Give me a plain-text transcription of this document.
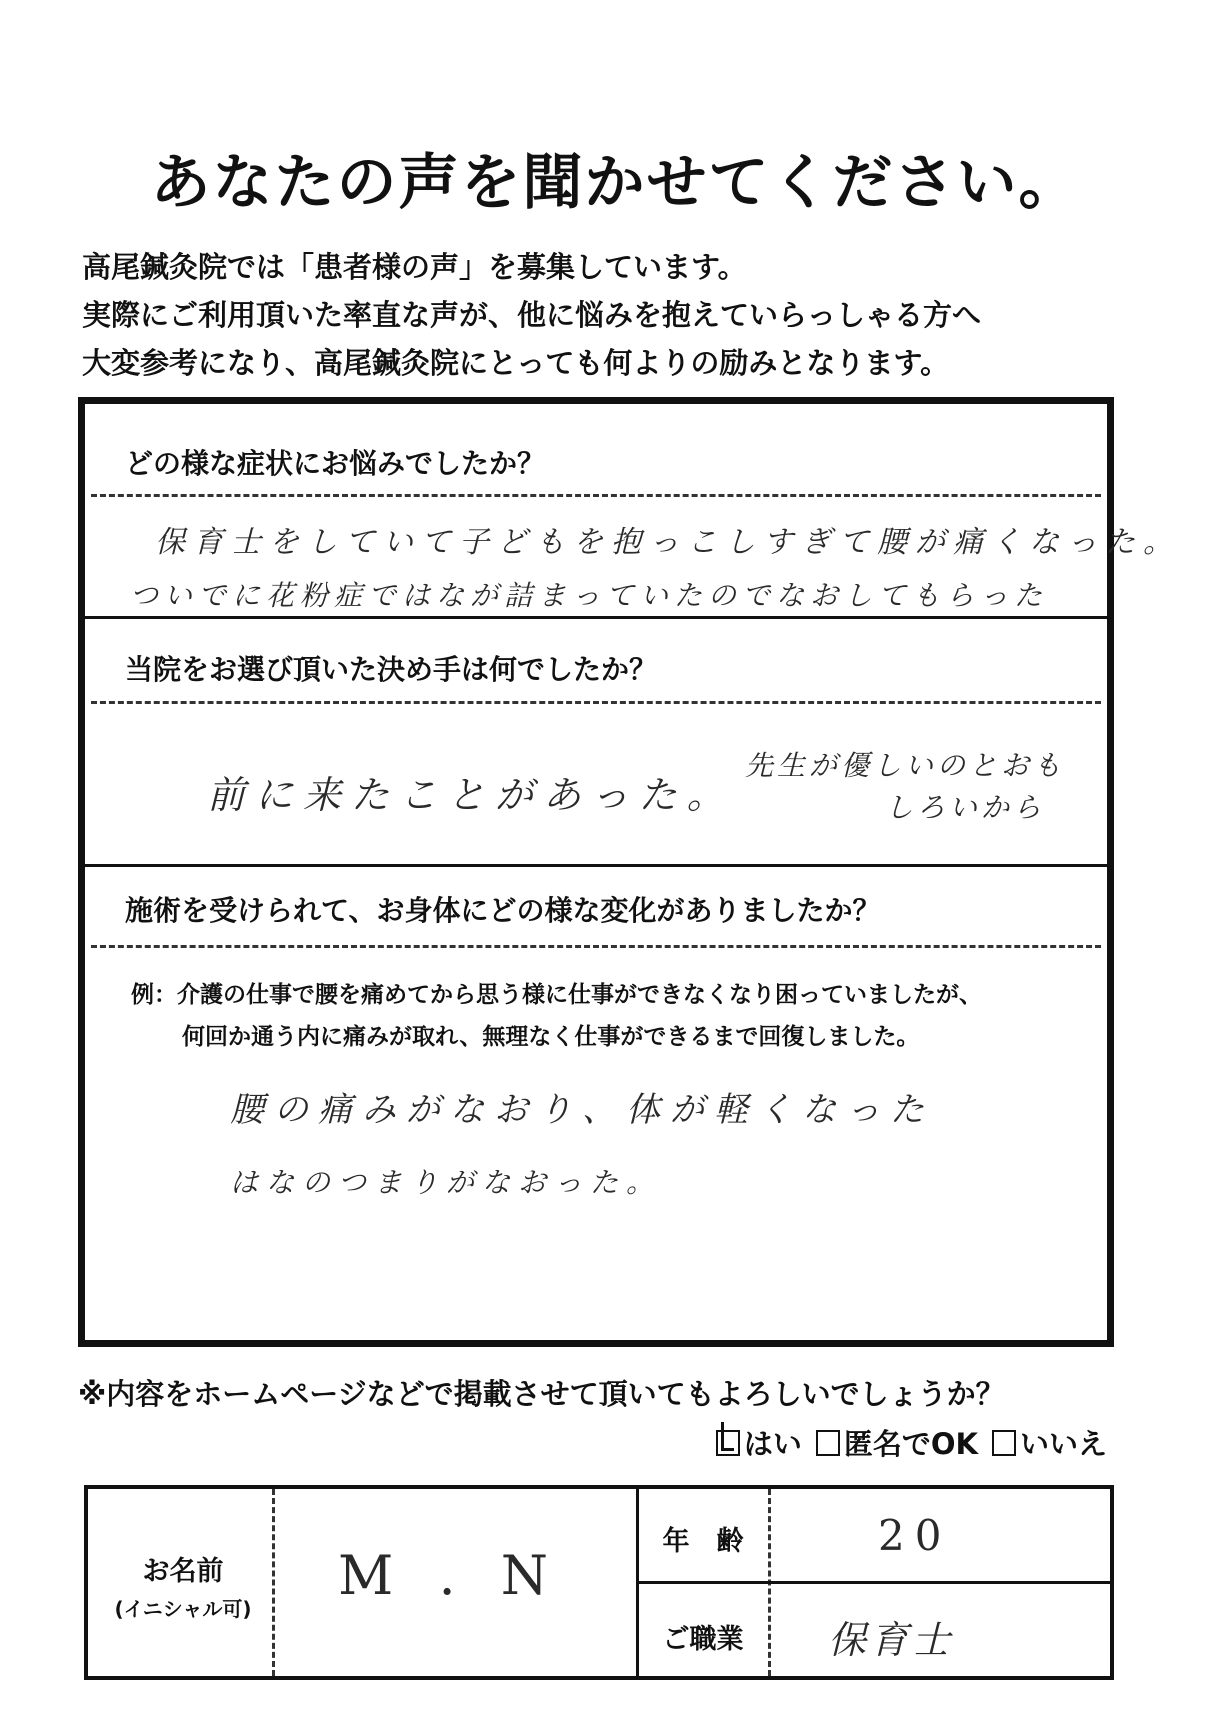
あなたの声を聞かせてください。
高尾鍼灸院では「患者様の声」を募集しています。
実際にご利用頂いた率直な声が、他に悩みを抱えていらっしゃる方へ
大変参考になり、高尾鍼灸院にとっても何よりの励みとなります。
どの様な症状にお悩みでしたか？
保育士をしていて子どもを抱っこしすぎて腰が痛くなった。
ついでに花粉症ではなが詰まっていたのでなおしてもらった
当院をお選び頂いた決め手は何でしたか？
前に来たことがあった。
先生が優しいのとおも
しろいから
施術を受けられて、お身体にどの様な変化がありましたか？
例：介護の仕事で腰を痛めてから思う様に仕事ができなくなり困っていましたが、
何回か通う内に痛みが取れ、無理なく仕事ができるまで回復しました。
腰の痛みがなおり、体が軽くなった
はなのつまりがなおった。
※内容をホームページなどで掲載させて頂いてもよろしいでしょうか？
はい 匿名でOK いいえ
お名前
(イニシャル可)
M . N
年　齢	20
ご職業	保育士
